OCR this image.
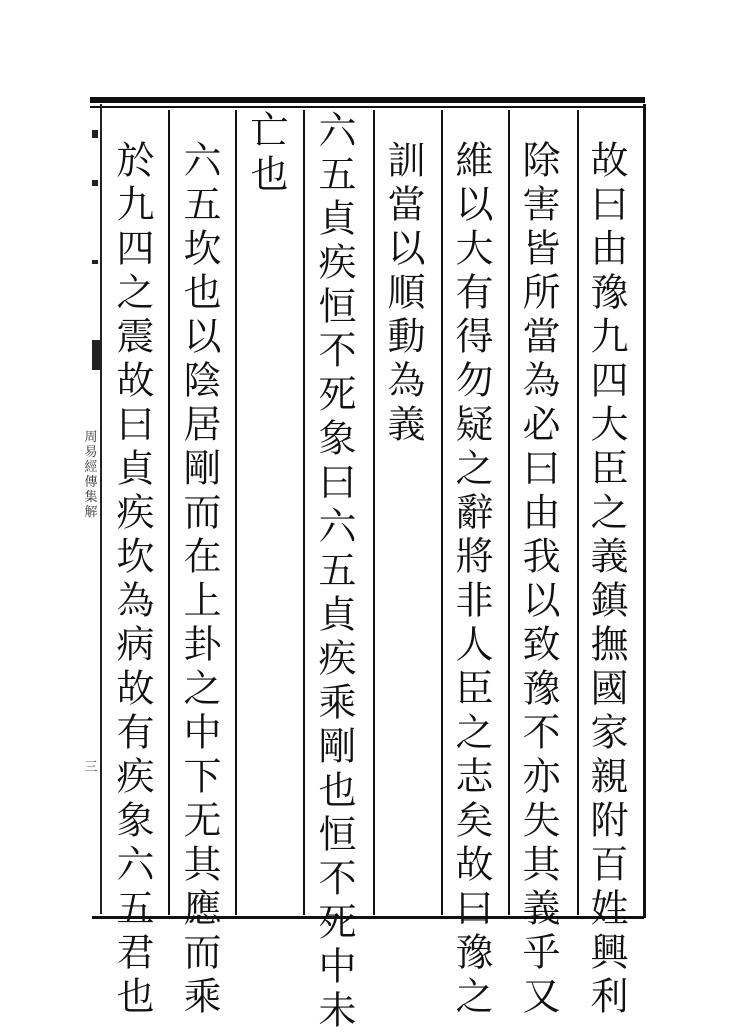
周易經傳集解
三	故曰由豫九四大臣之義鎮撫國家親附百姓興利
除害皆所當為必曰由我以致豫不亦失其義乎又
維以大有得勿疑之辭將非人臣之志矣故曰豫之
訓當以順動為義
六五貞疾恒不死象曰六五貞疾乘剛也恒不死中未
亡也
六五坎也以陰居剛而在上卦之中下无其應而乘
於九四之震故曰貞疾坎為病故有疾象六五君也
